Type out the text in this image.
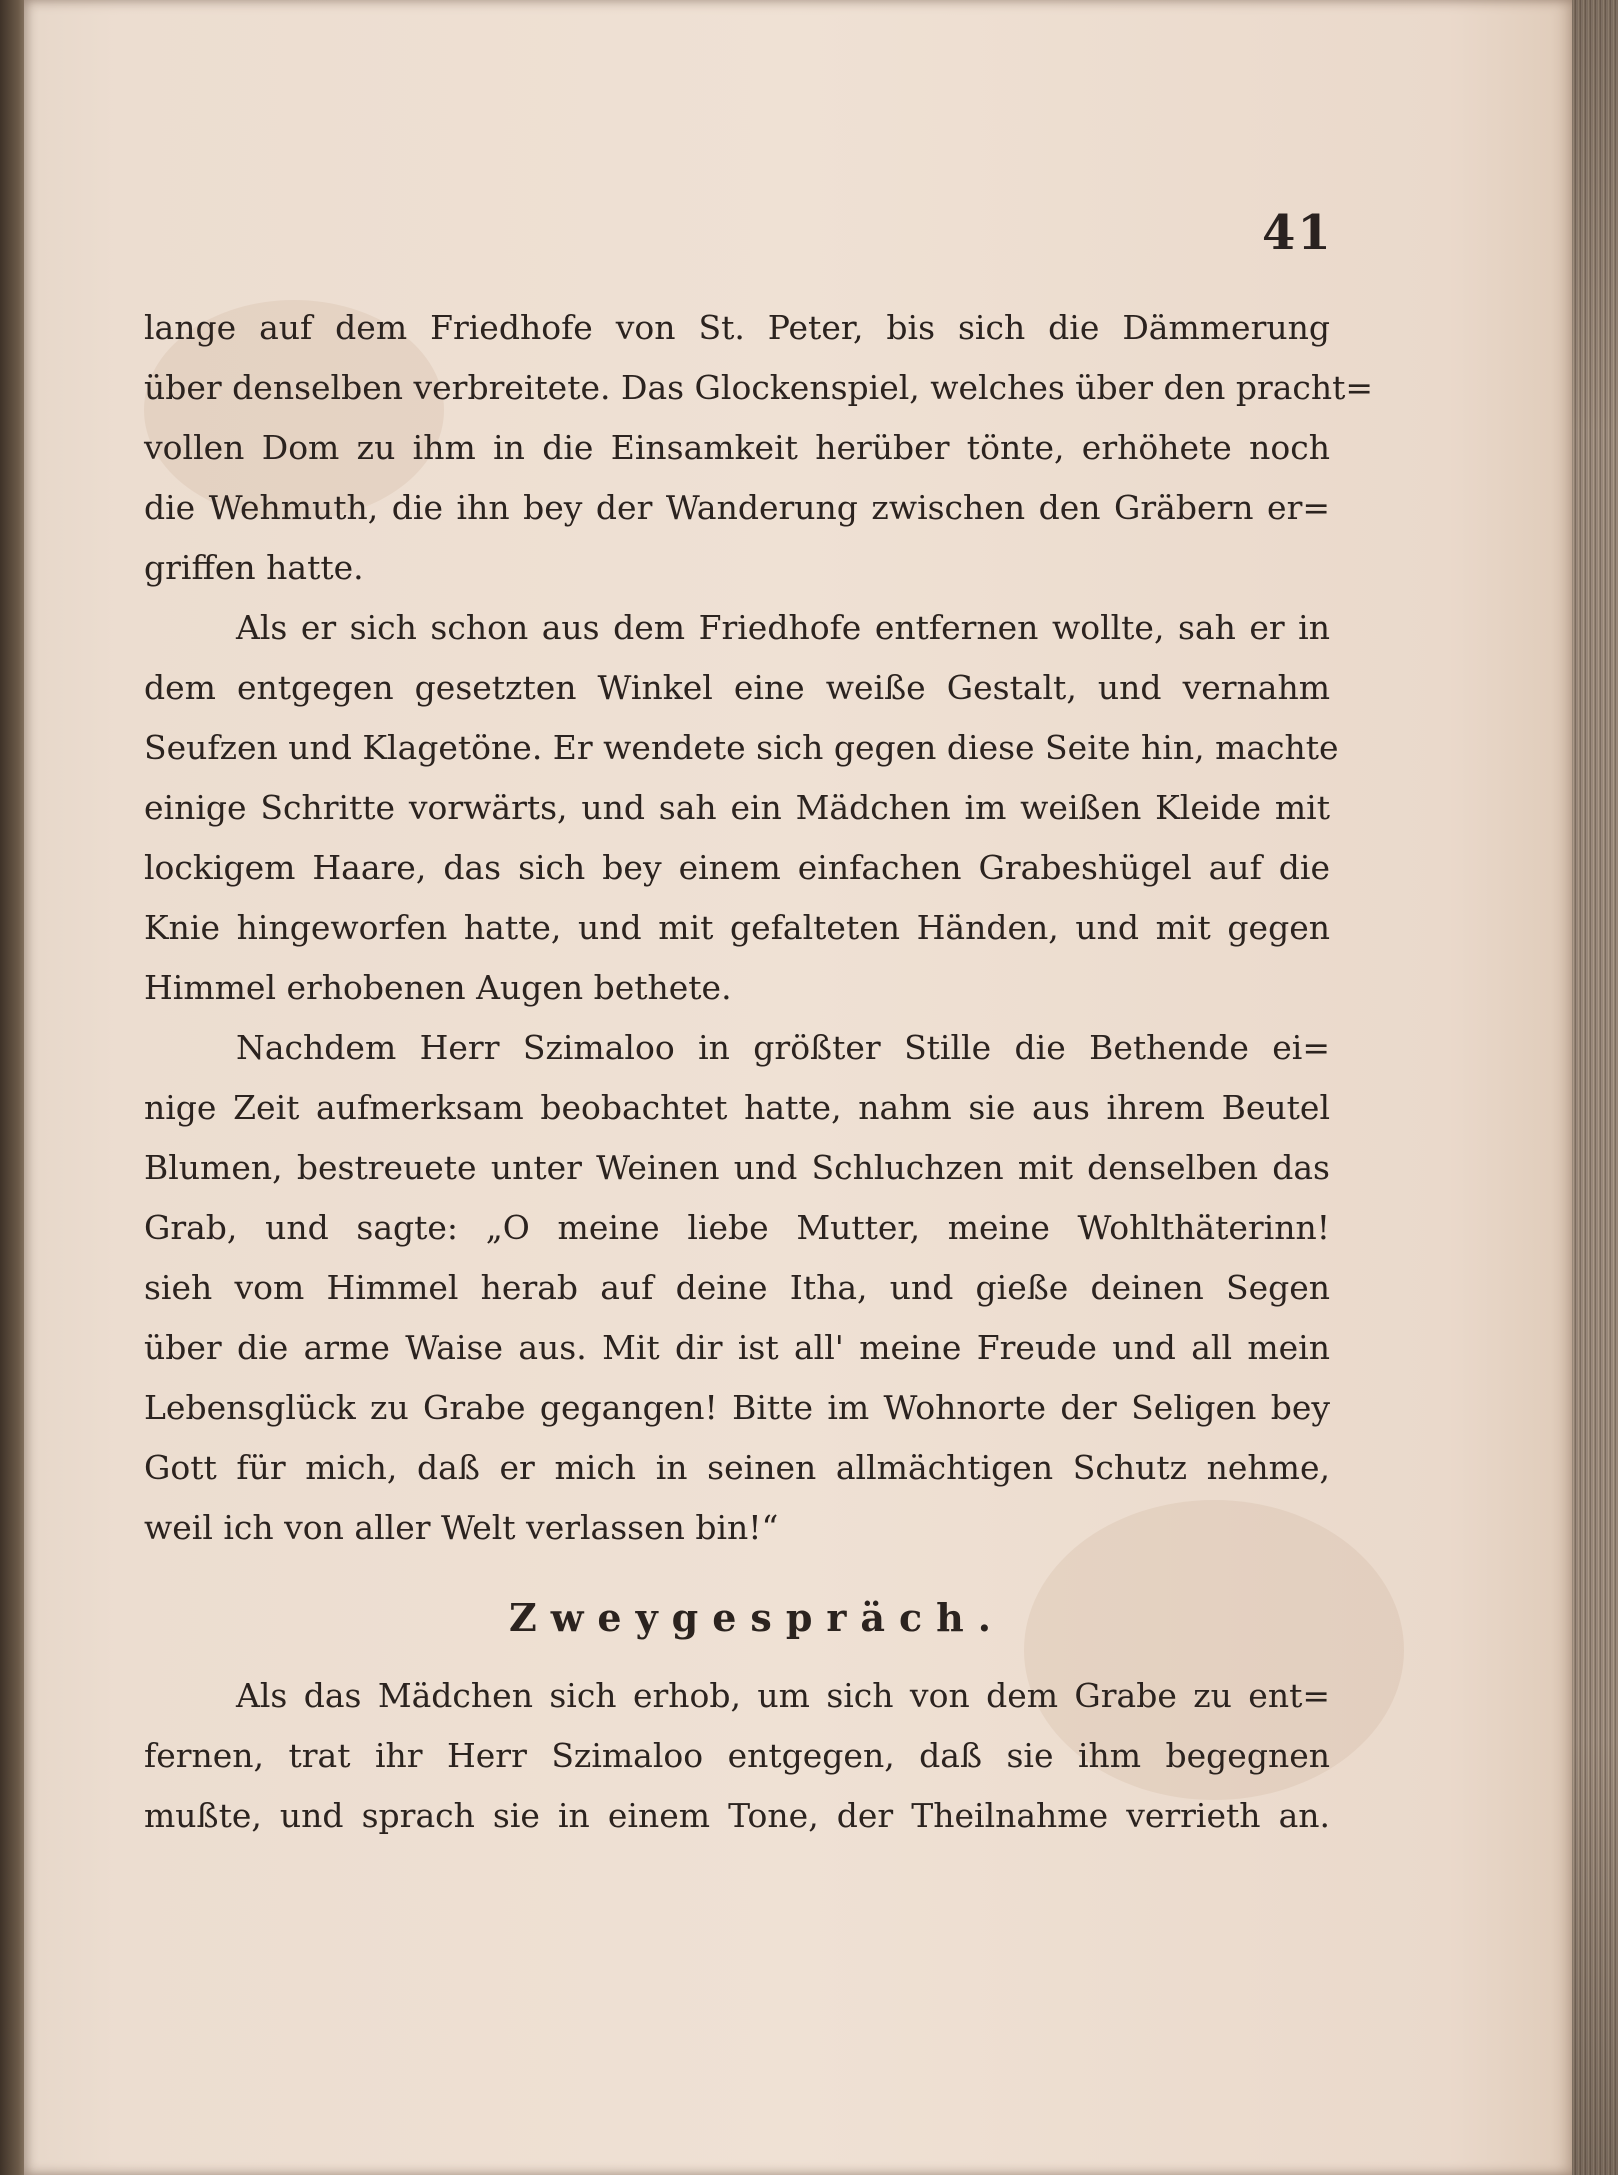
41
lange auf dem Friedhofe von St. Peter, bis sich die Dämmerung
über denselben verbreitete. Das Glockenspiel, welches über den pracht=
vollen Dom zu ihm in die Einsamkeit herüber tönte, erhöhete noch
die Wehmuth, die ihn bey der Wanderung zwischen den Gräbern er=
griffen hatte.
Als er sich schon aus dem Friedhofe entfernen wollte, sah er in
dem entgegen gesetzten Winkel eine weiße Gestalt, und vernahm
Seufzen und Klagetöne. Er wendete sich gegen diese Seite hin, machte
einige Schritte vorwärts, und sah ein Mädchen im weißen Kleide mit
lockigem Haare, das sich bey einem einfachen Grabeshügel auf die
Knie hingeworfen hatte, und mit gefalteten Händen, und mit gegen
Himmel erhobenen Augen bethete.
Nachdem Herr Szimaloo in größter Stille die Bethende ei=
nige Zeit aufmerksam beobachtet hatte, nahm sie aus ihrem Beutel
Blumen, bestreuete unter Weinen und Schluchzen mit denselben das
Grab, und sagte: „O meine liebe Mutter, meine Wohlthäterinn!
sieh vom Himmel herab auf deine Itha, und gieße deinen Segen
über die arme Waise aus. Mit dir ist all' meine Freude und all mein
Lebensglück zu Grabe gegangen! Bitte im Wohnorte der Seligen bey
Gott für mich, daß er mich in seinen allmächtigen Schutz nehme,
weil ich von aller Welt verlassen bin!“
Zweygespräch.
Als das Mädchen sich erhob, um sich von dem Grabe zu ent=
fernen, trat ihr Herr Szimaloo entgegen, daß sie ihm begegnen
mußte, und sprach sie in einem Tone, der Theilnahme verrieth an.
